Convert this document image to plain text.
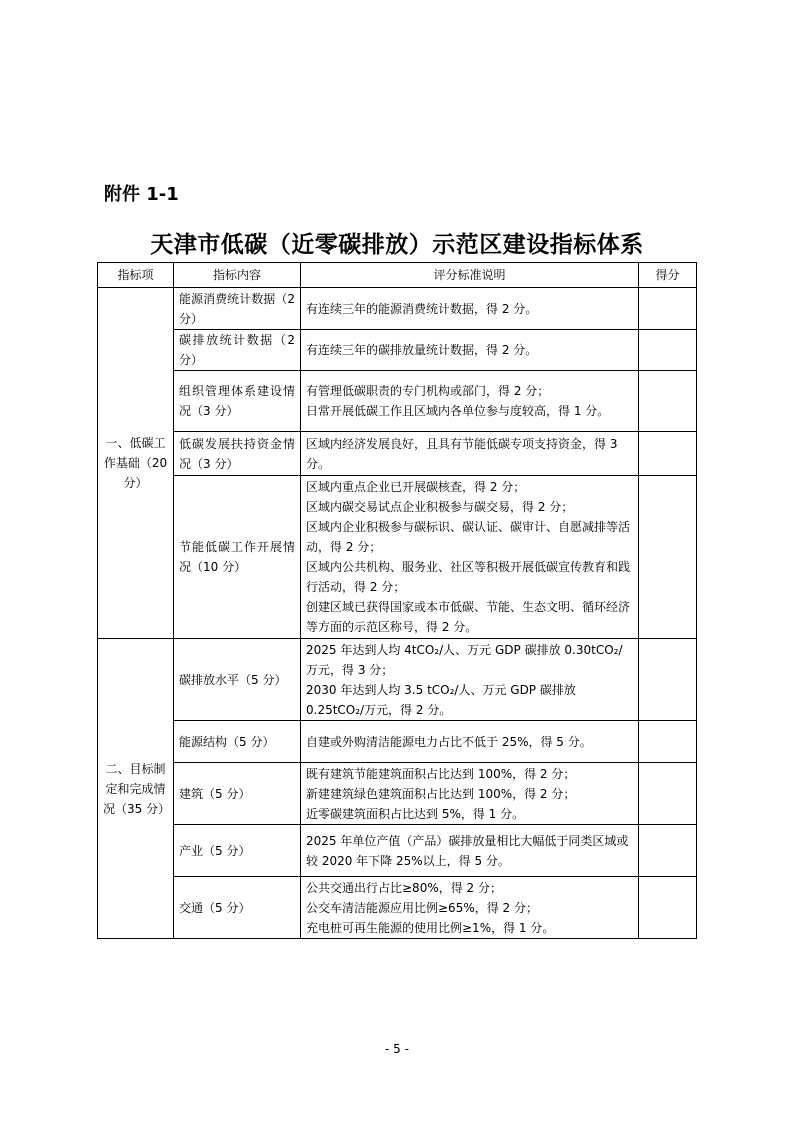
附件 1-1
天津市低碳（近零碳排放）示范区建设指标体系
指标项	指标内容	评分标准说明	得分
一、低碳工作基础（20 分）	能源消费统计数据（2 分）	有连续三年的能源消费统计数据，得 2 分。	

	碳排放统计数据（2 分）	有连续三年的碳排放量统计数据，得 2 分。	

	组织管理体系建设情况（3 分）	有管理低碳职责的专门机构或部门，得 2 分；
日常开展低碳工作且区域内各单位参与度较高，得 1 分。	

	低碳发展扶持资金情况（3 分）	区域内经济发展良好，且具有节能低碳专项支持资金，得 3 分。	

	节能低碳工作开展情况（10 分）	区域内重点企业已开展碳核查，得 2 分；
区域内碳交易试点企业积极参与碳交易，得 2 分；
区域内企业积极参与碳标识、碳认证、碳审计、自愿减排等活动，得 2 分；
区域内公共机构、服务业、社区等积极开展低碳宣传教育和践行活动，得 2 分；
创建区域已获得国家或本市低碳、节能、生态文明、循环经济等方面的示范区称号，得 2 分。	

二、目标制定和完成情况（35 分）	碳排放水平（5 分）	2025 年达到人均 4tCO₂/人、万元 GDP 碳排放 0.30tCO₂/万元，得 3 分；
2030 年达到人均 3.5 tCO₂/人、万元 GDP 碳排放 0.25tCO₂/万元，得 2 分。	

	能源结构（5 分）	自建或外购清洁能源电力占比不低于 25%，得 5 分。	

	建筑（5 分）	既有建筑节能建筑面积占比达到 100%，得 2 分；
新建建筑绿色建筑面积占比达到 100%，得 2 分；
近零碳建筑面积占比达到 5%，得 1 分。	

	产业（5 分）	2025 年单位产值（产品）碳排放量相比大幅低于同类区域或较 2020 年下降 25%以上，得 5 分。	

	交通（5 分）	公共交通出行占比≥80%，得 2 分；
公交车清洁能源应用比例≥65%，得 2 分；
充电桩可再生能源的使用比例≥1%，得 1 分。	

- 5 -
